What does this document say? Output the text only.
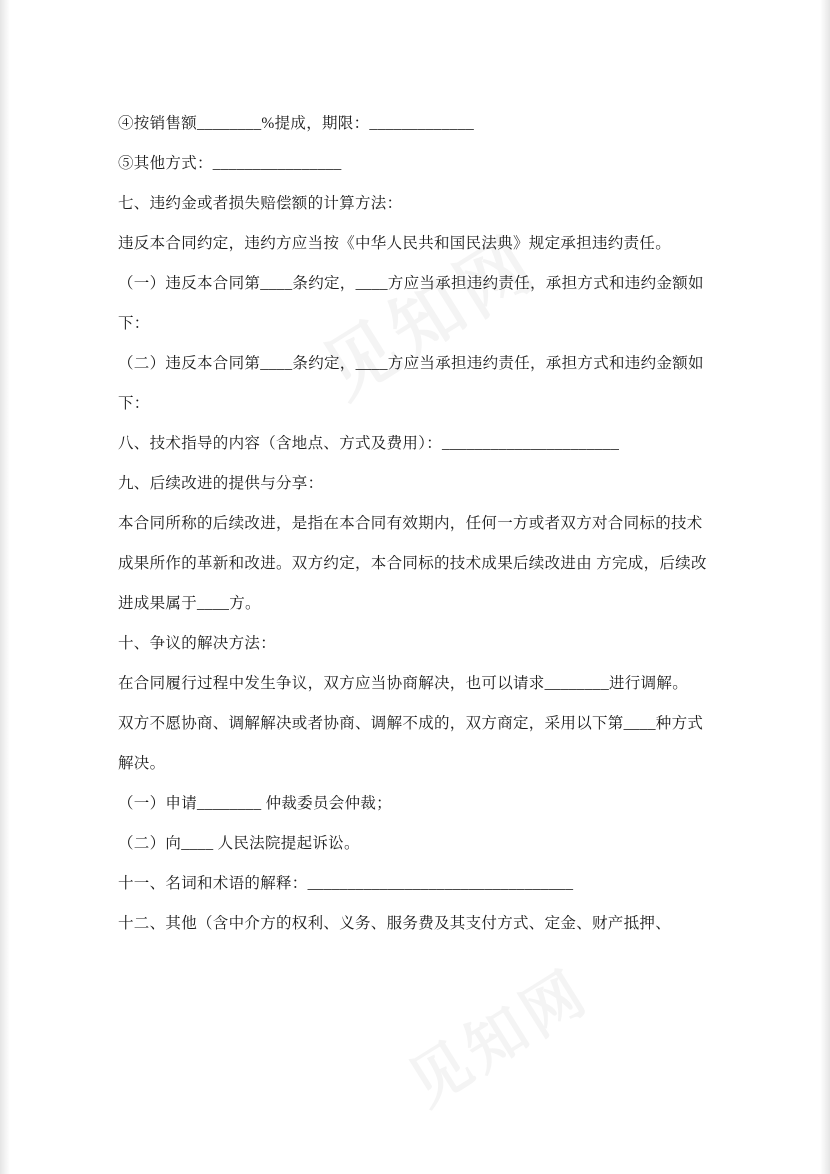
④按销售额________%提成，期限：_____________

⑤其他方式：________________

七、违约金或者损失赔偿额的计算方法：

违反本合同约定，违约方应当按《中华人民共和国民法典》规定承担违约责任。

（一）违反本合同第____条约定，____方应当承担违约责任，承担方式和违约金额如下：

（二）违反本合同第____条约定，____方应当承担违约责任，承担方式和违约金额如下：

八、技术指导的内容（含地点、方式及费用）：______________________

九、后续改进的提供与分享：

本合同所称的后续改进，是指在本合同有效期内，任何一方或者双方对合同标的技术成果所作的革新和改进。双方约定，本合同标的技术成果后续改进由 方完成，后续改进成果属于____方。

十、争议的解决方法：

在合同履行过程中发生争议，双方应当协商解决，也可以请求________进行调解。

双方不愿协商、调解解决或者协商、调解不成的，双方商定，采用以下第____种方式解决。

（一）申请________ 仲裁委员会仲裁；

（二）向____ 人民法院提起诉讼。

十一、名词和术语的解释：_________________________________

十二、其他（含中介方的权利、义务、服务费及其支付方式、定金、财产抵押、
